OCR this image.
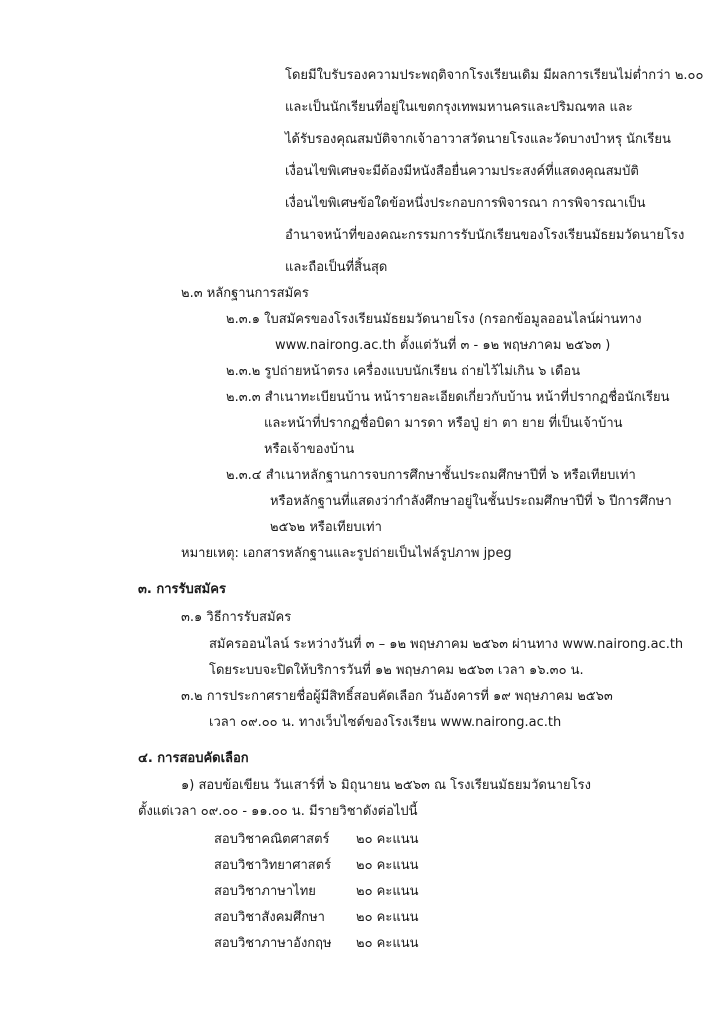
โดยมีใบรับรองความประพฤติจากโรงเรียนเดิม มีผลการเรียนไม่ต่ำกว่า ๒.๐๐
และเป็นนักเรียนที่อยู่ในเขตกรุงเทพมหานครและปริมณฑล และ
ได้รับรองคุณสมบัติจากเจ้าอาวาสวัดนายโรงและวัดบางบำหรุ นักเรียน
เงื่อนไขพิเศษจะมีต้องมีหนังสือยื่นความประสงค์ที่แสดงคุณสมบัติ
เงื่อนไขพิเศษข้อใดข้อหนึ่งประกอบการพิจารณา การพิจารณาเป็น
อำนาจหน้าที่ของคณะกรรมการรับนักเรียนของโรงเรียนมัธยมวัดนายโรง
และถือเป็นที่สิ้นสุด
๒.๓ หลักฐานการสมัคร
๒.๓.๑ ใบสมัครของโรงเรียนมัธยมวัดนายโรง (กรอกข้อมูลออนไลน์ผ่านทาง
www.nairong.ac.th ตั้งแต่วันที่ ๓ - ๑๒ พฤษภาคม ๒๕๖๓ )
๒.๓.๒ รูปถ่ายหน้าตรง เครื่องแบบนักเรียน ถ่ายไว้ไม่เกิน ๖ เดือน
๒.๓.๓ สำเนาทะเบียนบ้าน หน้ารายละเอียดเกี่ยวกับบ้าน หน้าที่ปรากฏชื่อนักเรียน
และหน้าที่ปรากฏชื่อบิดา มารดา หรือปู่ ย่า ตา ยาย ที่เป็นเจ้าบ้าน
หรือเจ้าของบ้าน
๒.๓.๔ สำเนาหลักฐานการจบการศึกษาชั้นประถมศึกษาปีที่ ๖ หรือเทียบเท่า
หรือหลักฐานที่แสดงว่ากำลังศึกษาอยู่ในชั้นประถมศึกษาปีที่ ๖ ปีการศึกษา
๒๕๖๒ หรือเทียบเท่า
หมายเหตุ: เอกสารหลักฐานและรูปถ่ายเป็นไฟล์รูปภาพ jpeg
๓. การรับสมัคร
๓.๑ วิธีการรับสมัคร
สมัครออนไลน์ ระหว่างวันที่ ๓ – ๑๒ พฤษภาคม ๒๕๖๓ ผ่านทาง www.nairong.ac.th
โดยระบบจะปิดให้บริการวันที่ ๑๒ พฤษภาคม ๒๕๖๓ เวลา ๑๖.๓๐ น.
๓.๒ การประกาศรายชื่อผู้มีสิทธิ์สอบคัดเลือก วันอังคารที่ ๑๙ พฤษภาคม ๒๕๖๓
เวลา ๐๙.๐๐ น. ทางเว็บไซต์ของโรงเรียน www.nairong.ac.th
๔. การสอบคัดเลือก
๑) สอบข้อเขียน วันเสาร์ที่ ๖ มิถุนายน ๒๕๖๓ ณ โรงเรียนมัธยมวัดนายโรง
ตั้งแต่เวลา ๐๙.๐๐ - ๑๑.๐๐ น. มีรายวิชาดังต่อไปนี้
สอบวิชาคณิตศาสตร์ ๒๐ คะแนน
สอบวิชาวิทยาศาสตร์ ๒๐ คะแนน
สอบวิชาภาษาไทย	๒๐ คะแนน
สอบวิชาสังคมศึกษา ๒๐ คะแนน
สอบวิชาภาษาอังกฤษ ๒๐ คะแนน
